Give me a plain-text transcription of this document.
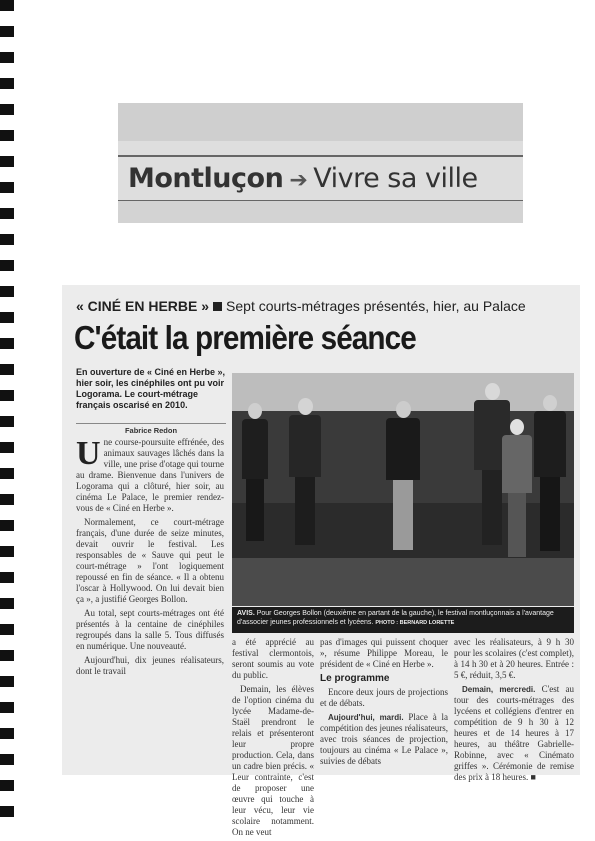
Montluçon ➔ Vivre sa ville
« CINÉ EN HERBE » Sept courts-métrages présentés, hier, au Palace
C'était la première séance
En ouverture de « Ciné en Herbe », hier soir, les cinéphiles ont pu voir Logorama. Le court-métrage français oscarisé en 2010.
Fabrice Redon
AVIS. Pour Georges Bollon (deuxième en partant de la gauche), le festival montluçonnais a l'avantage d'associer jeunes professionnels et lycéens. PHOTO : BERNARD LORETTE

Une course-poursuite effrénée, des animaux sauvages lâchés dans la ville, une prise d'otage qui tourne au drame. Bienvenue dans l'univers de Logorama qui a clôturé, hier soir, au cinéma Le Palace, le premier rendez-vous de « Ciné en Herbe ».

Normalement, ce court-métrage français, d'une durée de seize minutes, devait ouvrir le festival. Les responsables de « Sauve qui peut le court-métrage » l'ont logiquement repoussé en fin de séance. « Il a obtenu l'oscar à Hollywood. On lui devait bien ça », a justifié Georges Bollon.

Au total, sept courts-métrages ont été présentés à la centaine de cinéphiles regroupés dans la salle 5. Tous diffusés en numérique. Une nouveauté.

Aujourd'hui, dix jeunes réalisateurs, dont le travail

a été apprécié au festival clermontois, seront soumis au vote du public.

Demain, les élèves de l'option cinéma du lycée Madame-de-Staël prendront le relais et présenteront leur propre production. Cela, dans un cadre bien précis. « Leur contrainte, c'est de proposer une œuvre qui touche à leur vécu, leur vie scolaire notamment. On ne veut

pas d'images qui puissent choquer », résume Philippe Moreau, le président de « Ciné en Herbe ».

Le programme

Encore deux jours de projections et de débats.

Aujourd'hui, mardi. Place à la compétition des jeunes réalisateurs, avec trois séances de projection, toujours au cinéma « Le Palace », suivies de débats

avec les réalisateurs, à 9 h 30 pour les scolaires (c'est complet), à 14 h 30 et à 20 heures. Entrée : 5 €, réduit, 3,5 €.

Demain, mercredi. C'est au tour des courts-métrages des lycéens et collégiens d'entrer en compétition de 9 h 30 à 12 heures et de 14 heures à 17 heures, au théâtre Gabrielle-Robinne, avec « Cinémato griffes ». Cérémonie de remise des prix à 18 heures. ■
